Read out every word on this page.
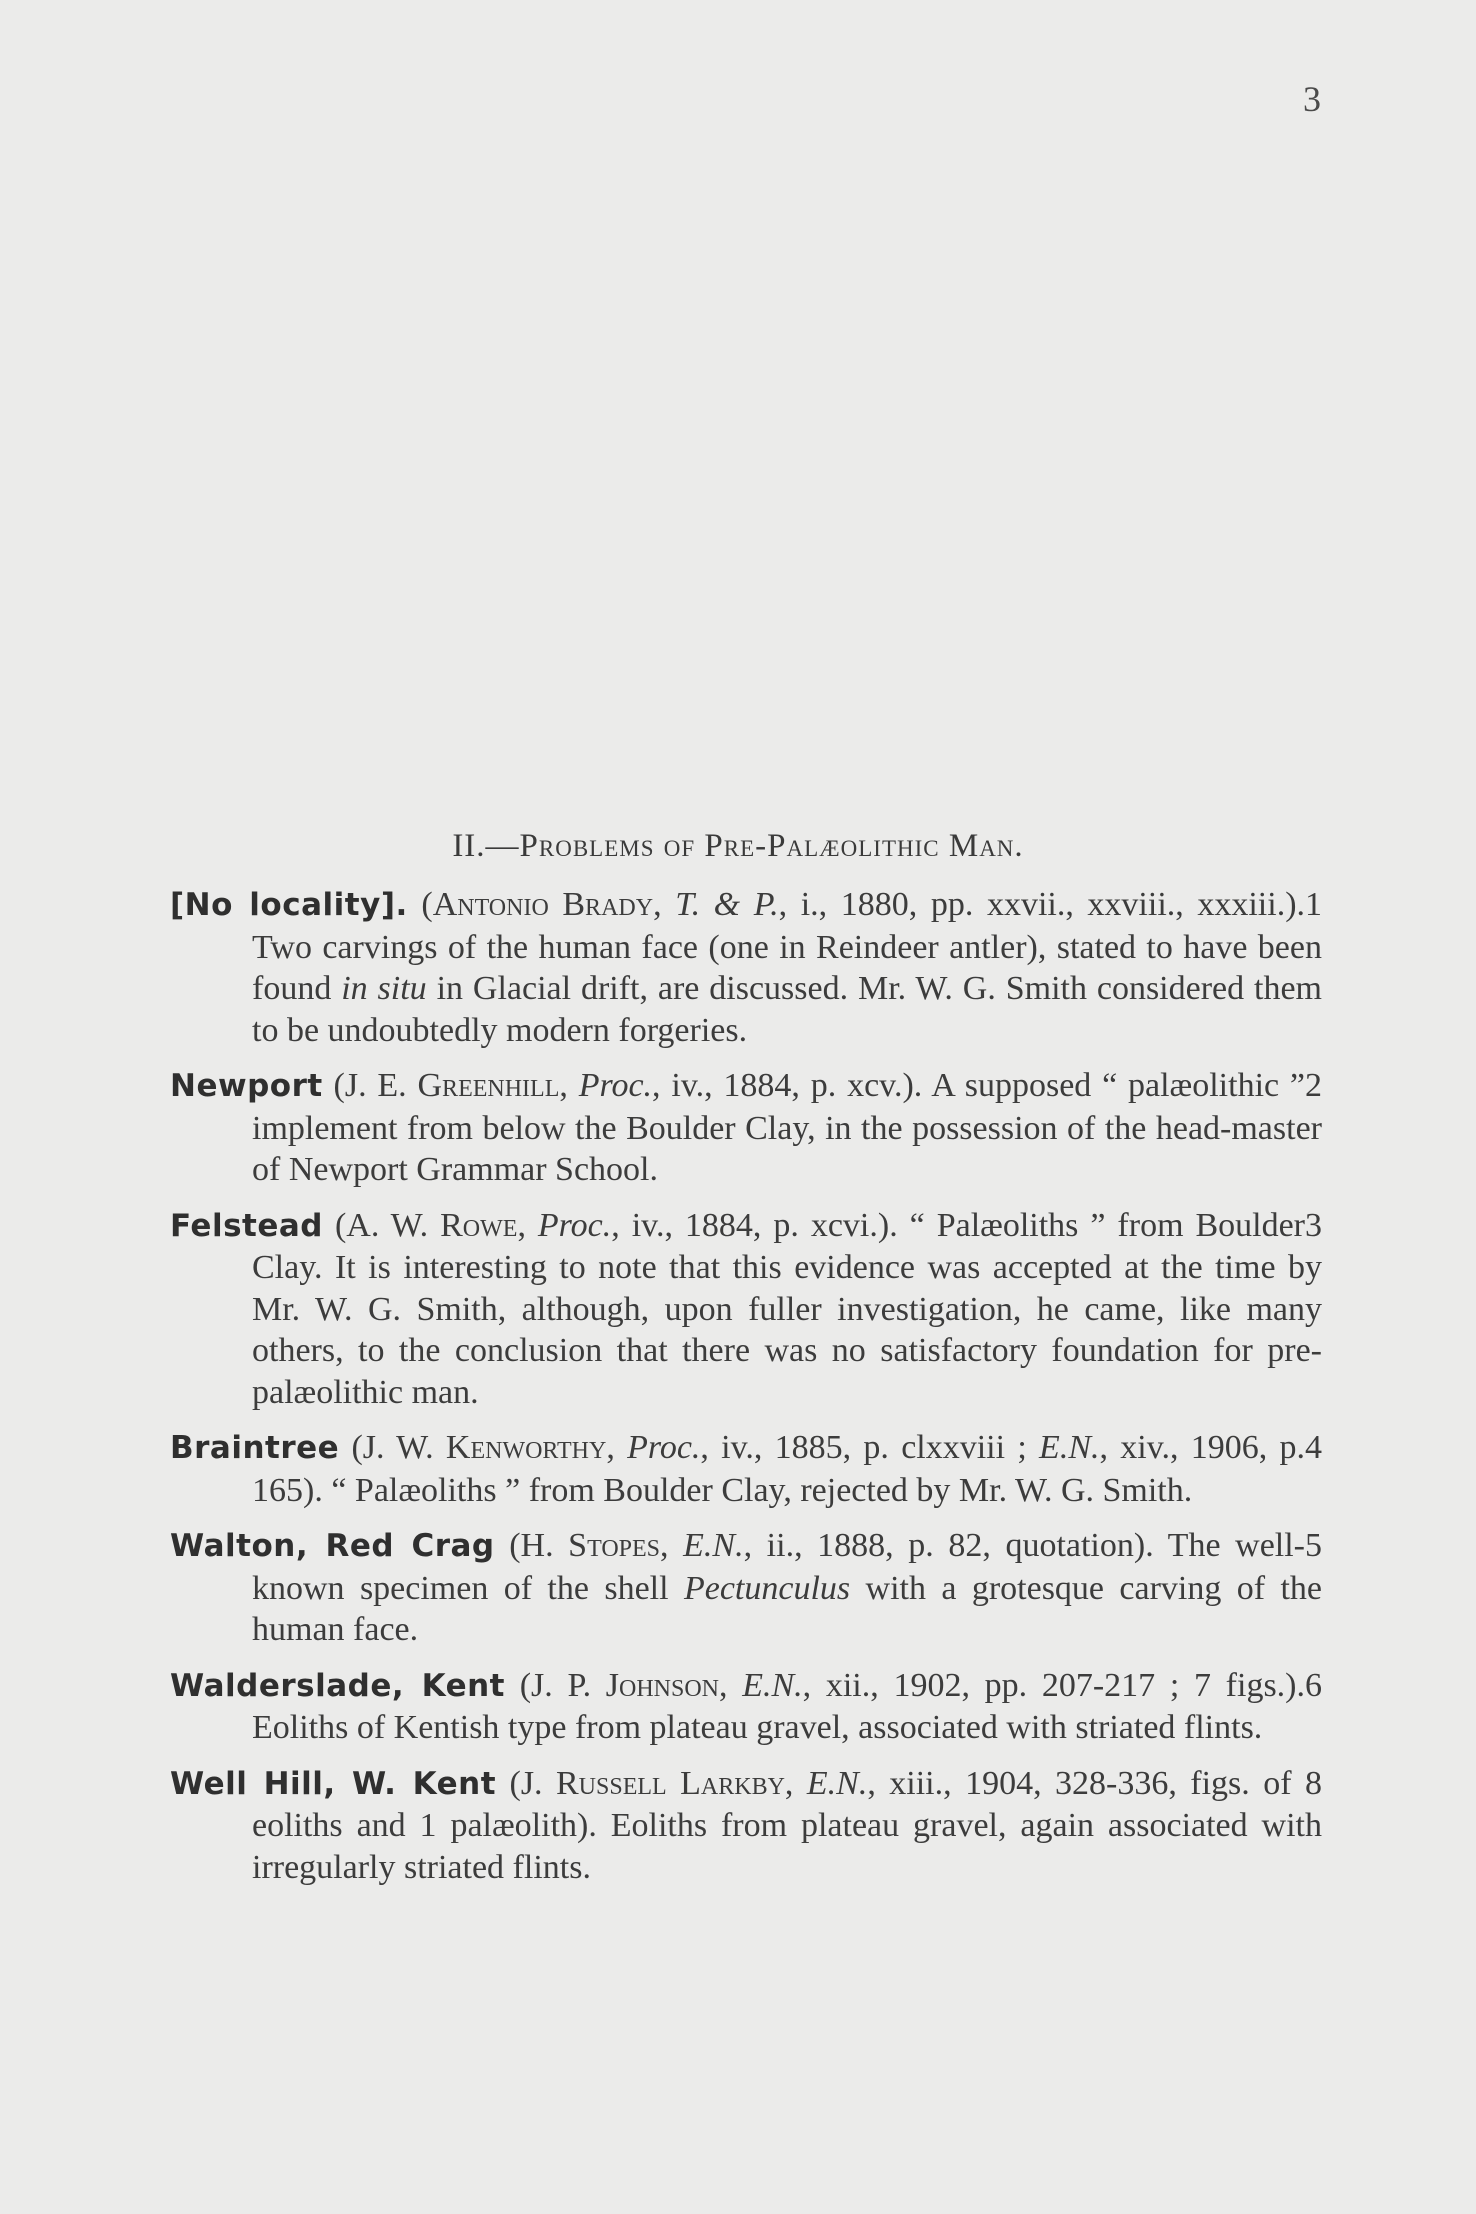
3
II.—Problems of Pre-Palæolithic Man.
1
[No locality]. (Antonio Brady, T. & P., i., 1880, pp. xxvii., xxviii., xxxiii.). Two carvings of the human face (one in Reindeer antler), stated to have been found in situ in Glacial drift, are discussed. Mr. W. G. Smith considered them to be undoubtedly modern forgeries.
2
Newport (J. E. Greenhill, Proc., iv., 1884, p. xcv.). A supposed “ palæolithic ” implement from below the Boulder Clay, in the possession of the head-master of Newport Grammar School.
3
Felstead (A. W. Rowe, Proc., iv., 1884, p. xcvi.). “ Palæoliths ” from Boulder Clay. It is interesting to note that this evidence was accepted at the time by Mr. W. G. Smith, although, upon fuller investigation, he came, like many others, to the conclusion that there was no satisfactory foundation for pre-palæolithic man.
4
Braintree (J. W. Kenworthy, Proc., iv., 1885, p. clxxviii ; E.N., xiv., 1906, p. 165). “ Palæoliths ” from Boulder Clay, rejected by Mr. W. G. Smith.
5
Walton, Red Crag (H. Stopes, E.N., ii., 1888, p. 82, quotation). The well-known specimen of the shell Pectunculus with a grotesque carving of the human face.
6
Walderslade, Kent (J. P. Johnson, E.N., xii., 1902, pp. 207-217 ; 7 figs.). Eoliths of Kentish type from plateau gravel, associated with striated flints.
Well Hill, W. Kent (J. Russell Larkby, E.N., xiii., 1904, 328-336, figs. of 8 eoliths and 1 palæolith). Eoliths from plateau gravel, again associated with irregularly striated flints.
